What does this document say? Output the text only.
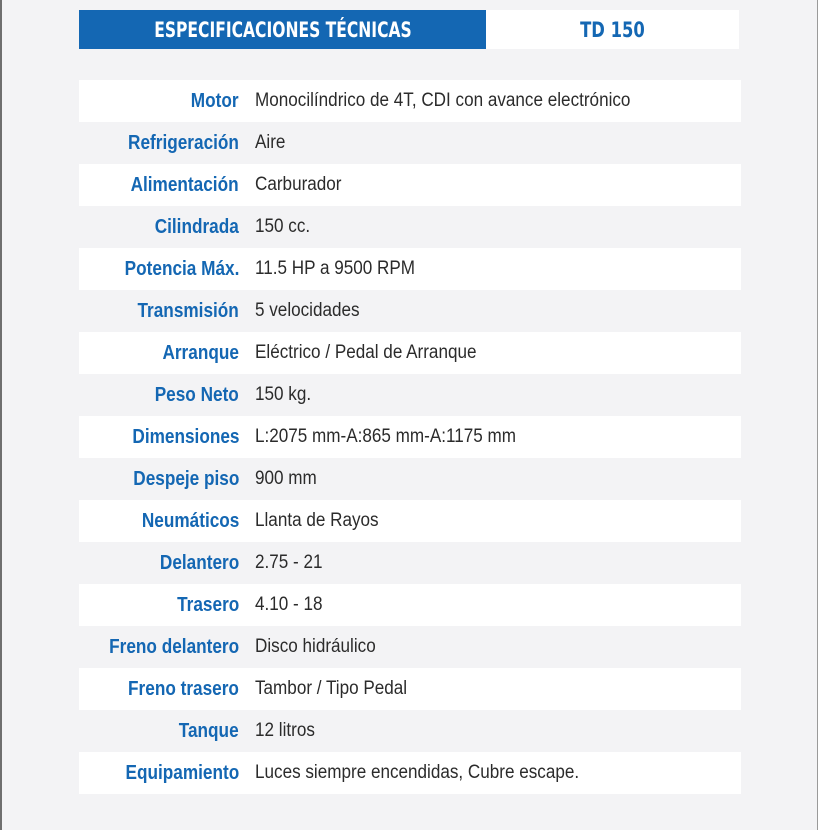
ESPECIFICACIONES TÉCNICAS	TD 150
Motor Monocilíndrico de 4T, CDI con avance electrónico
Refrigeración Aire
Alimentación Carburador
Cilindrada 150 cc.
Potencia Máx. 11.5 HP a 9500 RPM
Transmisión 5 velocidades
Arranque Eléctrico / Pedal de Arranque
Peso Neto 150 kg.
Dimensiones L:2075 mm-A:865 mm-A:1175 mm
Despeje piso 900 mm
Neumáticos Llanta de Rayos
Delantero 2.75 - 21
Trasero 4.10 - 18
Freno delantero Disco hidráulico
Freno trasero Tambor / Tipo Pedal
Tanque 12 litros
Equipamiento Luces siempre encendidas, Cubre escape.
